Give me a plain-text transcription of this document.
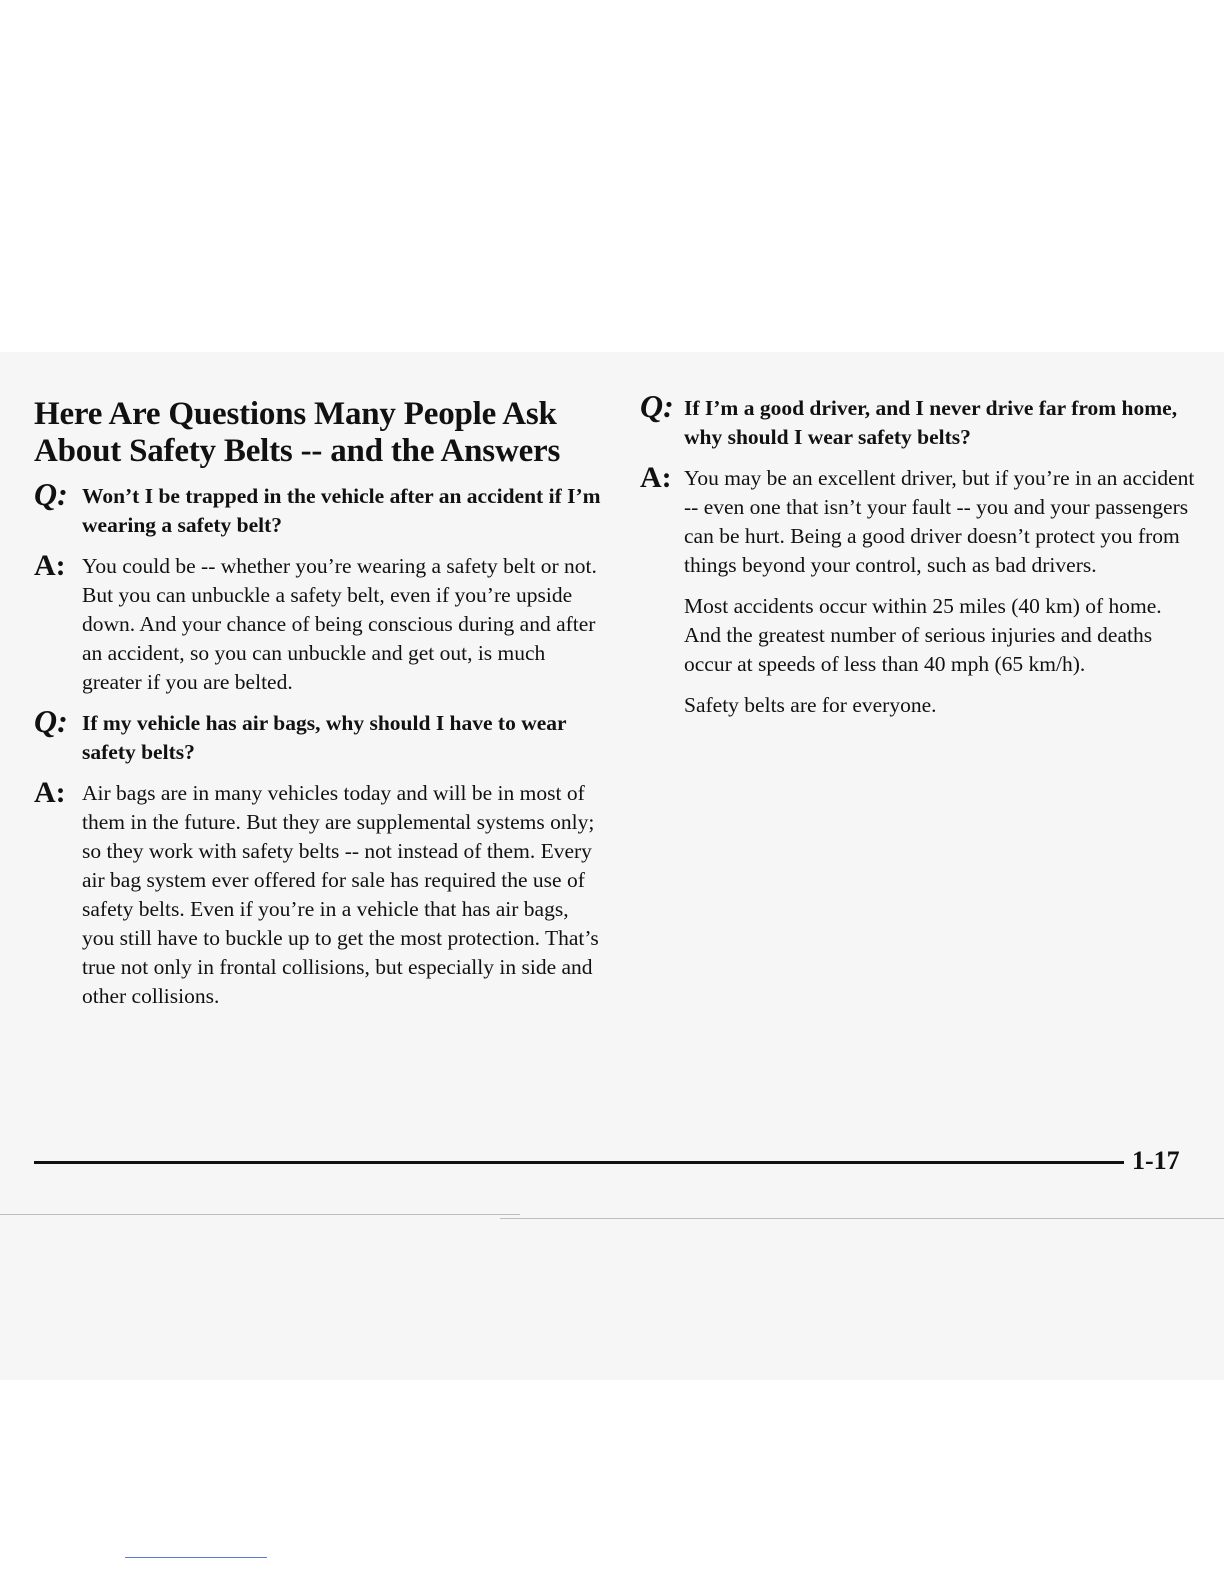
Here Are Questions Many People Ask About Safety Belts -- and the Answers
Q: Won’t I be trapped in the vehicle after an accident if I’m wearing a safety belt?

A: You could be -- whether you’re wearing a safety belt or not. But you can unbuckle a safety belt, even if you’re upside down. And your chance of being conscious during and after an accident, so you can unbuckle and get out, is much greater if you are belted.

Q: If my vehicle has air bags, why should I have to wear safety belts?

A: Air bags are in many vehicles today and will be in most of them in the future. But they are supplemental systems only; so they work with safety belts -- not instead of them. Every air bag system ever offered for sale has required the use of safety belts. Even if you’re in a vehicle that has air bags, you still have to buckle up to get the most protection. That’s true not only in frontal collisions, but especially in side and other collisions.

Q: If I’m a good driver, and I never drive far from home, why should I wear safety belts?

A: You may be an excellent driver, but if you’re in an accident -- even one that isn’t your fault -- you and your passengers can be hurt. Being a good driver doesn’t protect you from things beyond your control, such as bad drivers.

Most accidents occur within 25 miles (40 km) of home. And the greatest number of serious injuries and deaths occur at speeds of less than 40 mph (65 km/h).

Safety belts are for everyone.

1-17
